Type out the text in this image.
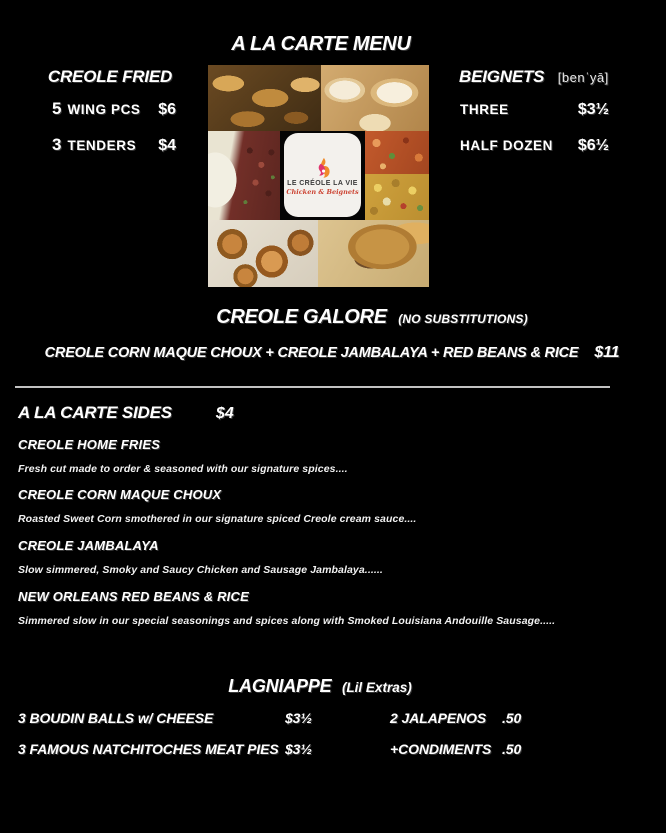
A LA CARTE MENU
CREOLE FRIED
5 WING PCS $6
3 TENDERS $4
BEIGNETS [benˈyā]
THREE	$3½
HALF DOZEN $6½
LE CRÉOLE LA VIE
Chicken & Beignets
CREOLE GALORE (NO SUBSTITUTIONS)
CREOLE CORN MAQUE CHOUX + CREOLE JAMBALAYA + RED BEANS & RICE $11
A LA CARTE SIDES	$4
CREOLE HOME FRIES
Fresh cut made to order & seasoned with our signature spices....
CREOLE CORN MAQUE CHOUX
Roasted Sweet Corn smothered in our signature spiced Creole cream sauce....
CREOLE JAMBALAYA
Slow simmered, Smoky and Saucy Chicken and Sausage Jambalaya......
NEW ORLEANS RED BEANS & RICE
Simmered slow in our special seasonings and spices along with Smoked Louisiana Andouille Sausage.....
LAGNIAPPE (Lil Extras)
3 BOUDIN BALLS w/ CHEESE	$3½	2 JALAPENOS .50
3 FAMOUS NATCHITOCHES MEAT PIES $3½	+CONDIMENTS .50
